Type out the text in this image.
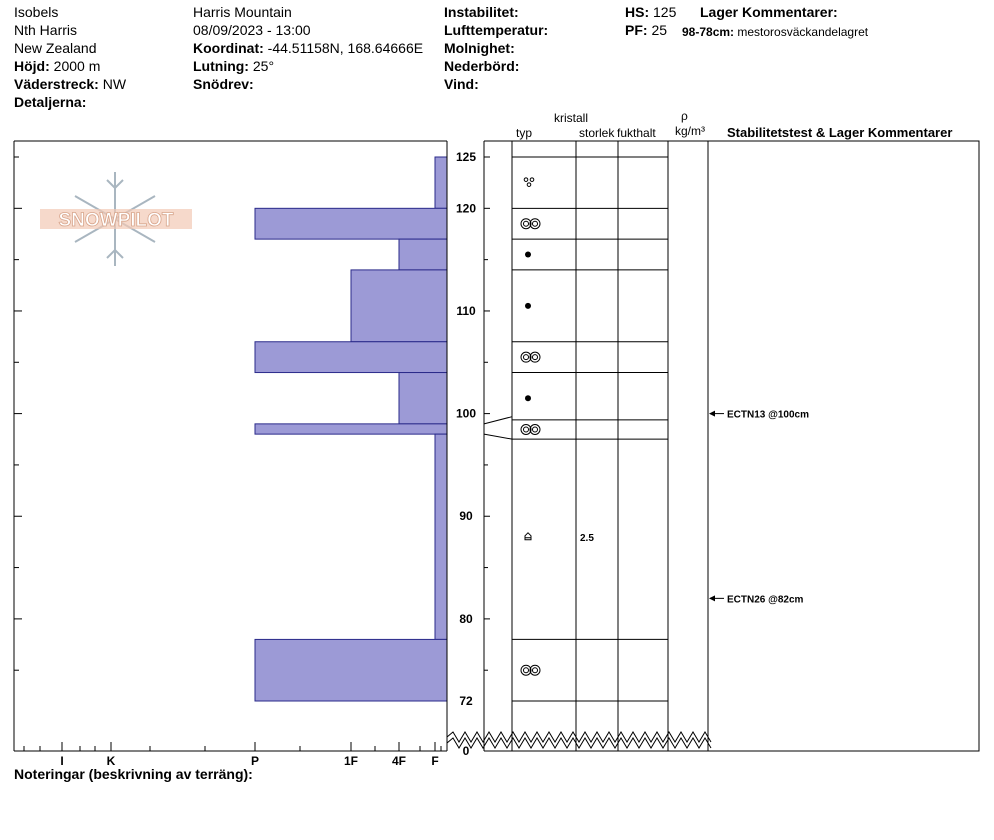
Isobels
Nth Harris
New Zealand
Höjd: 2000 m
Väderstreck: NW
Detaljerna:
Harris Mountain
08/09/2023 - 13:00
Koordinat: -44.51158N, 168.64666E
Lutning: 25°
Snödrev:
Instabilitet:
Lufttemperatur:
Molnighet:
Nederbörd:
Vind:
HS: 125
PF: 25
Lager Kommentarer:
98-78cm: mestorosväckandelagret
kristall
typ	storlek fukthalt
ρ
kg/m³ Stabilitetstest & Lager Kommentarer
Noteringar (beskrivning av terräng):
SNOWPILOT
I	K	P	1F	4F F
125
120
110
100
90
80
72
0
2.5
ECTN13 @100cm
ECTN26 @82cm
